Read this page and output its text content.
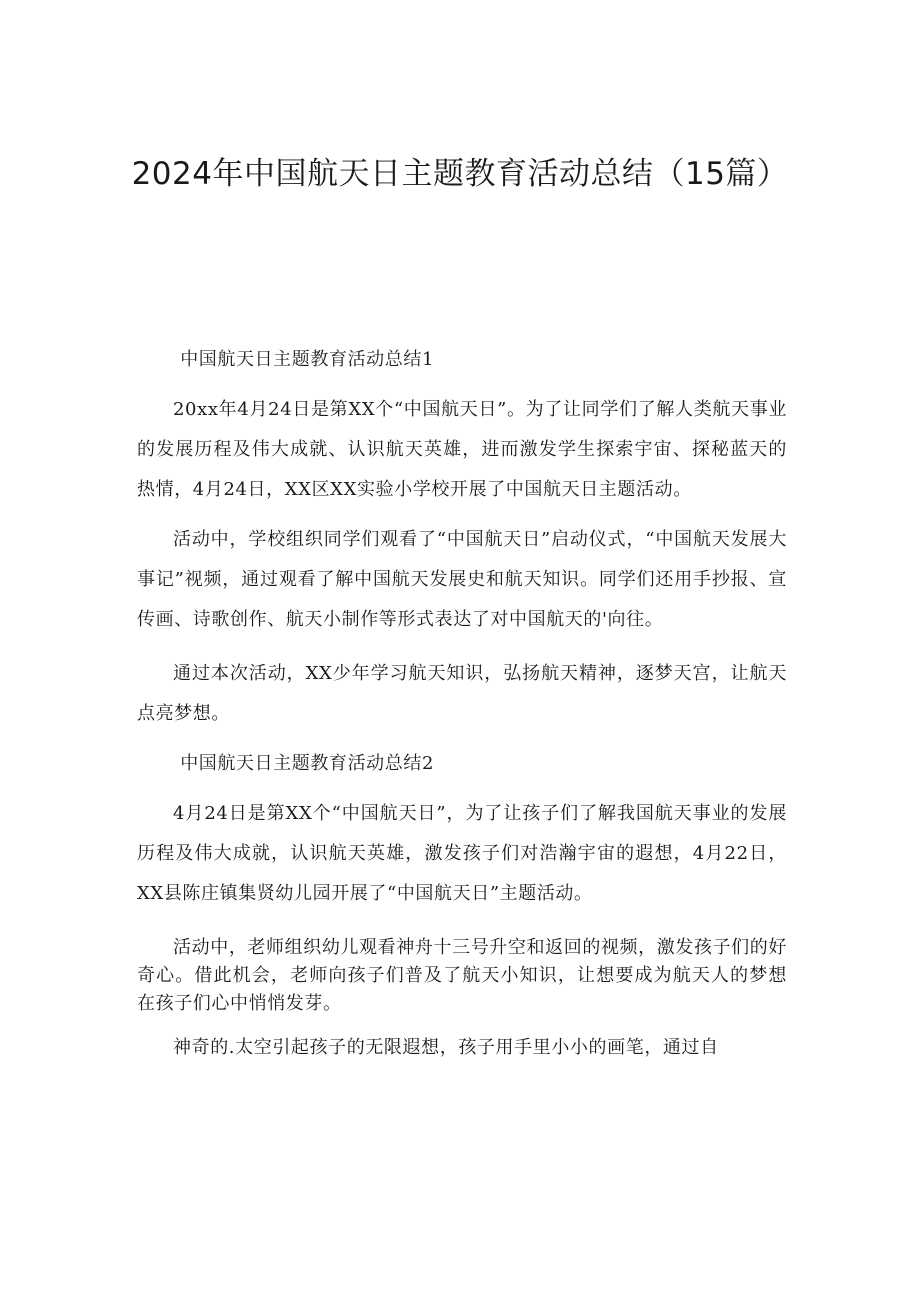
2024年中国航天日主题教育活动总结（15篇）

中国航天日主题教育活动总结1

20xx年4月24日是第XX个“中国航天日”。为了让同学们了解人类航天事业的发展历程及伟大成就、认识航天英雄，进而激发学生探索宇宙、探秘蓝天的热情，4月24日，XX区XX实验小学校开展了中国航天日主题活动。

活动中，学校组织同学们观看了“中国航天日”启动仪式，“中国航天发展大事记”视频，通过观看了解中国航天发展史和航天知识。同学们还用手抄报、宣传画、诗歌创作、航天小制作等形式表达了对中国航天的'向往。

通过本次活动，XX少年学习航天知识，弘扬航天精神，逐梦天宫，让航天点亮梦想。

中国航天日主题教育活动总结2

4月24日是第XX个“中国航天日”，为了让孩子们了解我国航天事业的发展历程及伟大成就，认识航天英雄，激发孩子们对浩瀚宇宙的遐想，4月22日，XX县陈庄镇集贤幼儿园开展了“中国航天日”主题活动。

活动中，老师组织幼儿观看神舟十三号升空和返回的视频，激发孩子们的好奇心。借此机会，老师向孩子们普及了航天小知识，让想要成为航天人的梦想在孩子们心中悄悄发芽。

神奇的.太空引起孩子的无限遐想，孩子用手里小小的画笔，通过自
